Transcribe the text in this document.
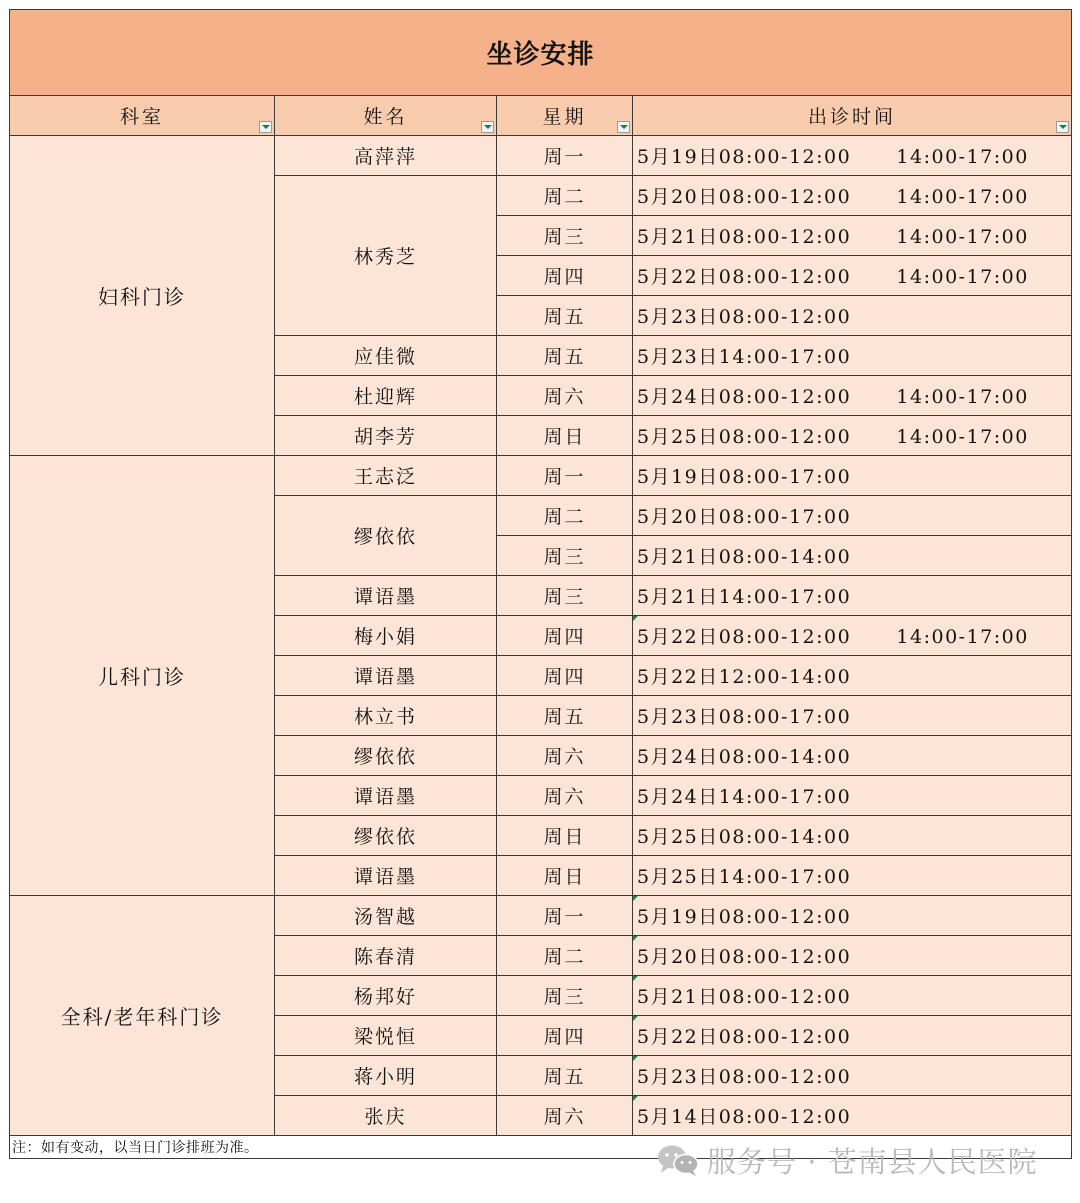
坐诊安排			
科室	姓名	星期	出诊时间

妇科门诊	高萍萍	周一	5月19日08:00-12:00      14:00-17:00
	林秀芝	周二	5月20日08:00-12:00      14:00-17:00
		周三	5月21日08:00-12:00      14:00-17:00
		周四	5月22日08:00-12:00      14:00-17:00
		周五	5月23日08:00-12:00
	应佳微	周五	5月23日14:00-17:00
	杜迎辉	周六	5月24日08:00-12:00      14:00-17:00
	胡李芳	周日	5月25日08:00-12:00      14:00-17:00
儿科门诊	王志泛	周一	5月19日08:00-17:00
	缪依依	周二	5月20日08:00-17:00
		周三	5月21日08:00-14:00
	谭语墨	周三	5月21日14:00-17:00
	梅小娟	周四	5月22日08:00-12:00      14:00-17:00
	谭语墨	周四	5月22日12:00-14:00
	林立书	周五	5月23日08:00-17:00
	缪依依	周六	5月24日08:00-14:00
	谭语墨	周六	5月24日14:00-17:00
	缪依依	周日	5月25日08:00-14:00
	谭语墨	周日	5月25日14:00-17:00
全科/老年科门诊	汤智越	周一	5月19日08:00-12:00
	陈春清	周二	5月20日08:00-12:00
	杨邦好	周三	5月21日08:00-12:00
	梁悦恒	周四	5月22日08:00-12:00
	蒋小明	周五	5月23日08:00-12:00
	张庆	周六	5月14日08:00-12:00
注：如有变动，以当日门诊排班为准。				服务号 · 苍南县人民医院
